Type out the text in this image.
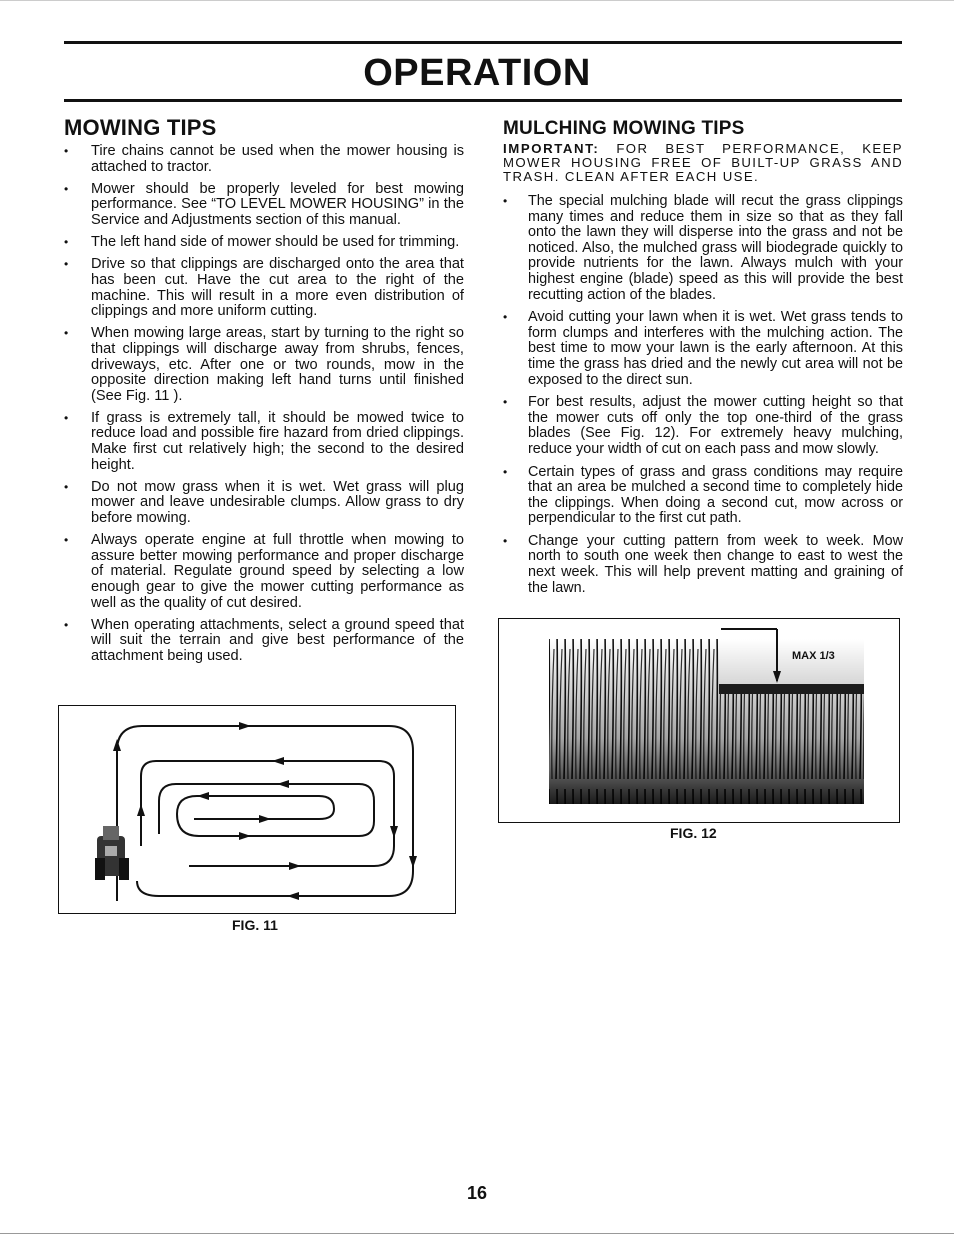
OPERATION
MOWING TIPS
• Tire chains cannot be used when the mower housing is attached to tractor.
• Mower should be properly leveled for best mowing performance. See “TO LEVEL MOWER HOUSING” in the Service and Adjustments section of this manual.
• The left hand side of mower should be used for trimming.
• Drive so that clippings are discharged onto the area that has been cut. Have the cut area to the right of the machine. This will result in a more even distribution of clippings and more uniform cutting.
• When mowing large areas, start by turning to the right so that clippings will discharge away from shrubs, fences, driveways, etc. After one or two rounds, mow in the opposite direction making left hand turns until finished (See Fig. 11 ).
• If grass is extremely tall, it should be mowed twice to reduce load and possible fire hazard from dried clippings. Make first cut relatively high; the second to the desired height.
• Do not mow grass when it is wet. Wet grass will plug mower and leave undesirable clumps. Allow grass to dry before mowing.
• Always operate engine at full throttle when mowing to assure better mowing performance and proper discharge of material. Regulate ground speed by selecting a low enough gear to give the mower cutting performance as well as the quality of cut desired.
• When operating attachments, select a ground speed that will suit the terrain and give best performance of the attachment being used.
MULCHING MOWING TIPS
IMPORTANT: FOR BEST PERFORMANCE, KEEP MOWER HOUSING FREE OF BUILT-UP GRASS AND TRASH. CLEAN AFTER EACH USE.
• The special mulching blade will recut the grass clippings many times and reduce them in size so that as they fall onto the lawn they will disperse into the grass and not be noticed. Also, the mulched grass will biodegrade quickly to provide nutrients for the lawn. Always mulch with your highest engine (blade) speed as this will provide the best recutting action of the blades.
• Avoid cutting your lawn when it is wet. Wet grass tends to form clumps and interferes with the mulching action. The best time to mow your lawn is the early afternoon. At this time the grass has dried and the newly cut area will not be exposed to the direct sun.
• For best results, adjust the mower cutting height so that the mower cuts off only the top one-third of the grass blades (See Fig. 12). For extremely heavy mulching, reduce your width of cut on each pass and mow slowly.
• Certain types of grass and grass conditions may require that an area be mulched a second time to completely hide the clippings. When doing a second cut, mow across or perpendicular to the first cut path.
• Change your cutting pattern from week to week. Mow north to south one week then change to east to west the next week. This will help prevent matting and graining of the lawn.
FIG. 11
MAX 1/3
FIG. 12
16
